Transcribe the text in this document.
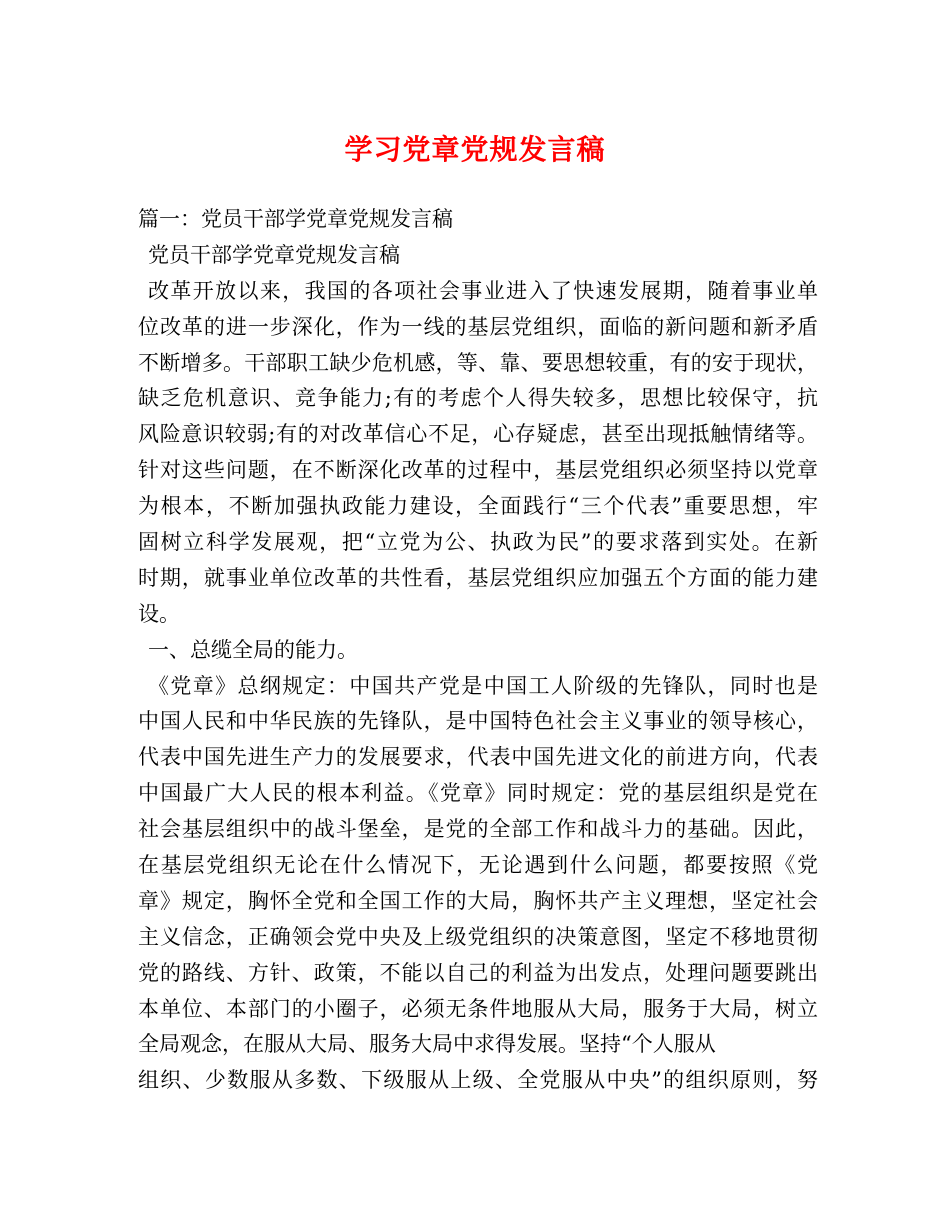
学习党章党规发言稿
篇一：党员干部学党章党规发言稿
党员干部学党章党规发言稿
改革开放以来，我国的各项社会事业进入了快速发展期，随着事业单
位改革的进一步深化，作为一线的基层党组织，面临的新问题和新矛盾
不断增多。干部职工缺少危机感，等、靠、要思想较重，有的安于现状，
缺乏危机意识、竞争能力;有的考虑个人得失较多，思想比较保守，抗
风险意识较弱;有的对改革信心不足，心存疑虑，甚至出现抵触情绪等。
针对这些问题，在不断深化改革的过程中，基层党组织必须坚持以党章
为根本，不断加强执政能力建设，全面践行“三个代表”重要思想，牢
固树立科学发展观，把“立党为公、执政为民”的要求落到实处。在新
时期，就事业单位改革的共性看，基层党组织应加强五个方面的能力建
设。
一、总缆全局的能力。
《党章》总纲规定：中国共产党是中国工人阶级的先锋队，同时也是
中国人民和中华民族的先锋队，是中国特色社会主义事业的领导核心，
代表中国先进生产力的发展要求，代表中国先进文化的前进方向，代表
中国最广大人民的根本利益。《党章》同时规定：党的基层组织是党在
社会基层组织中的战斗堡垒，是党的全部工作和战斗力的基础。因此，
在基层党组织无论在什么情况下，无论遇到什么问题，都要按照《党
章》规定，胸怀全党和全国工作的大局，胸怀共产主义理想，坚定社会
主义信念，正确领会党中央及上级党组织的决策意图，坚定不移地贯彻
党的路线、方针、政策，不能以自己的利益为出发点，处理问题要跳出
本单位、本部门的小圈子，必须无条件地服从大局，服务于大局，树立
全局观念，在服从大局、服务大局中求得发展。坚持“个人服从
组织、少数服从多数、下级服从上级、全党服从中央”的组织原则，努
